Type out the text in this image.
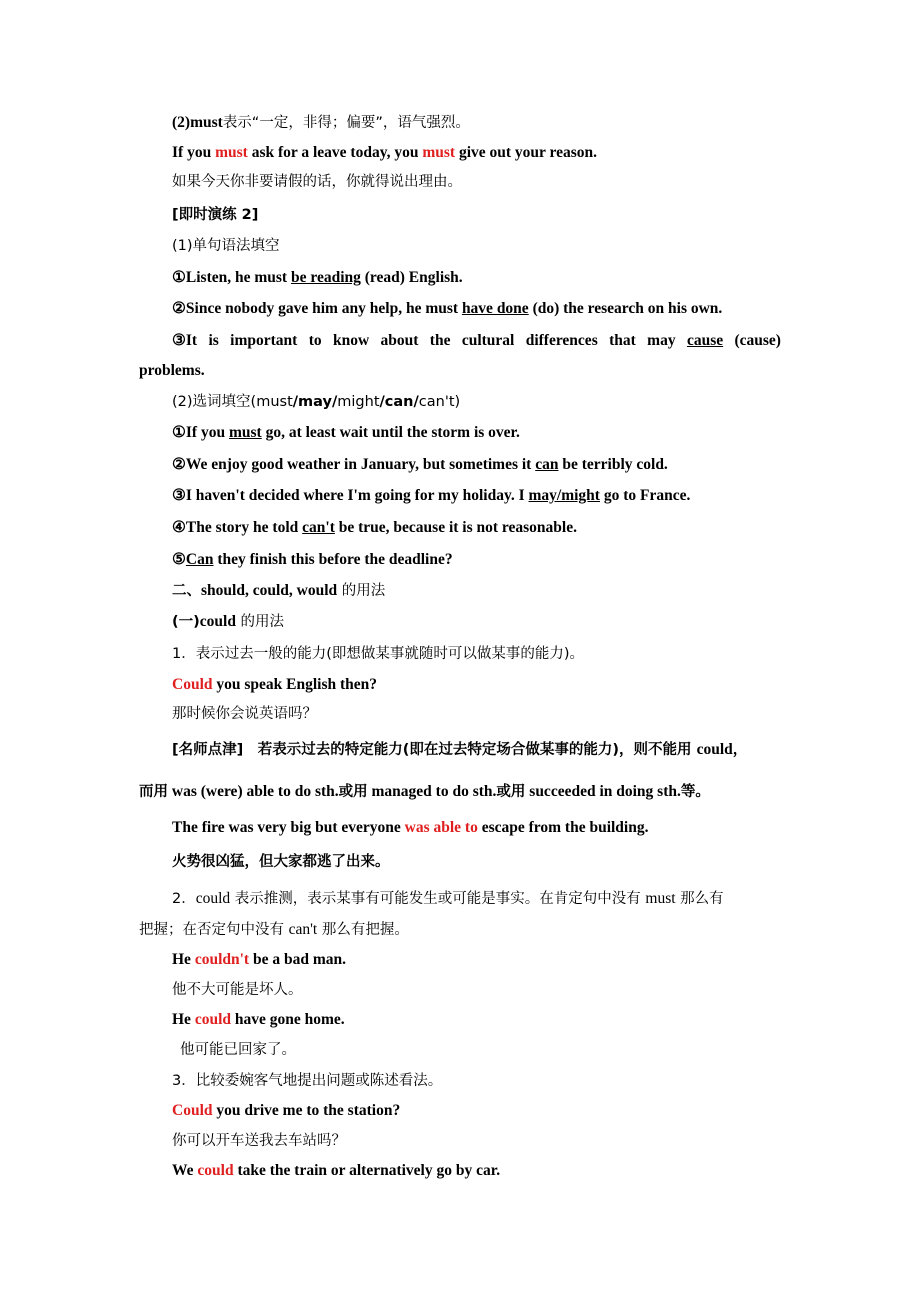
(2)must表示“一定，非得；偏要”，语气强烈。
If you must ask for a leave today, you must give out your reason.
如果今天你非要请假的话，你就得说出理由。
[即时演练 2]
(1)单句语法填空
①Listen, he must be reading (read) English.
②Since nobody gave him any help, he must have done (do) the research on his own.
③It is important to know about the cultural differences that may cause (cause)
problems.
(2)选词填空(must/may/might/can/can't)
①If you must go, at least wait until the storm is over.
②We enjoy good weather in January, but sometimes it can be terribly cold.
③I haven't decided where I'm going for my holiday. I may/might go to France.
④The story he told can't be true, because it is not reasonable.
⑤Can they finish this before the deadline?
二、should, could, would 的用法
(一)could 的用法
1．表示过去一般的能力(即想做某事就随时可以做某事的能力)。
Could you speak English then?
那时候你会说英语吗？
[名师点津]　若表示过去的特定能力(即在过去特定场合做某事的能力)，则不能用 could，
而用 was (were) able to do sth.或用 managed to do sth.或用 succeeded in doing sth.等。
The fire was very big but everyone was able to escape from the building.
火势很凶猛，但大家都逃了出来。
2．could 表示推测，表示某事有可能发生或可能是事实。在肯定句中没有 must 那么有
把握；在否定句中没有 can't 那么有把握。
He couldn't be a bad man.
他不大可能是坏人。
He could have gone home.
他可能已回家了。
3．比较委婉客气地提出问题或陈述看法。
Could you drive me to the station?
你可以开车送我去车站吗？
We could take the train or alternatively go by car.
